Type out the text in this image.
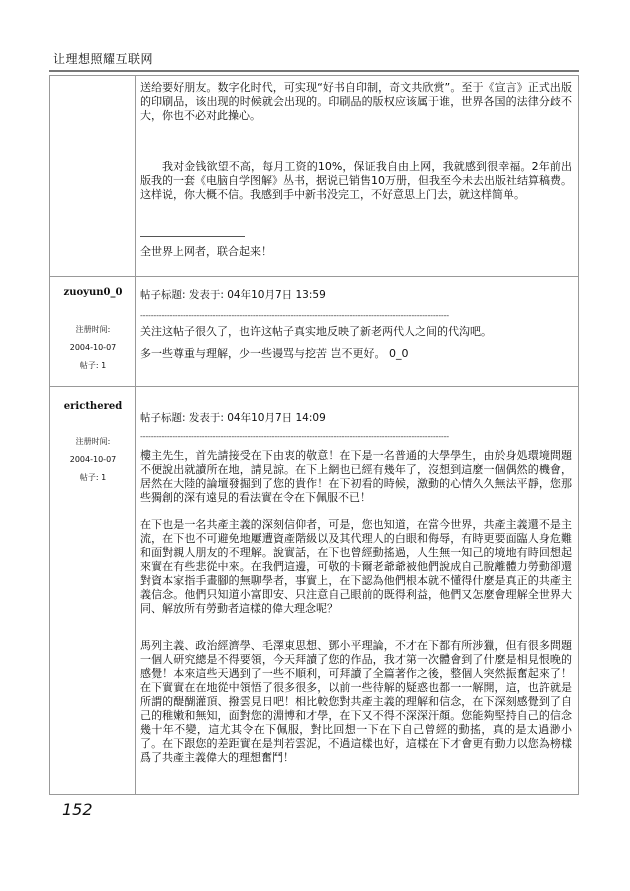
让理想照耀互联网

送给要好朋友。数字化时代，可实现“好书自印制，奇文共欣赏”。至于《宣言》正式出版的印刷品，该出现的时候就会出现的。印刷品的版权应该属于谁，世界各国的法律分歧不大，你也不必对此操心。

我对金钱欲望不高，每月工资的10%，保证我自由上网，我就感到很幸福。2年前出版我的一套《电脑自学图解》丛书，据说已销售10万册，但我至今未去出版社结算稿费。这样说，你大概不信。我感到手中新书没完工，不好意思上门去，就这样简单。

全世界上网者，联合起来！

zuoyun0_0
注册时间:
2004-10-07
帖子: 1
帖子标题: 发表于: 04年10月7日 13:59
-------------------------------------------------------------------------------------------------------------------

关注这帖子很久了，也许这帖子真实地反映了新老两代人之间的代沟吧。

多一些尊重与理解，少一些谩骂与挖苦 岂不更好。 0_0

ericthered
注册时间:
2004-10-07
帖子: 1
帖子标题: 发表于: 04年10月7日 14:09
-------------------------------------------------------------------------------------------------------------------

樓主先生，首先請接受在下由衷的敬意！在下是一名普通的大學學生，由於身処環境問題不便說出就讀所在地，請見諒。在下上網也已經有幾年了，沒想到這麼一個偶然的機會，居然在大陸的論壇發掘到了您的貴作！在下初看的時候，激動的心情久久無法平靜，您那些獨創的深有遠見的看法實在令在下佩服不已！

在下也是一名共產主義的深刻信仰者，可是，您也知道，在當今世界，共產主義還不是主流，在下也不可避免地屢遭資產階級以及其代理人的白眼和侮辱，有時更要面臨人身危難和面對親人朋友的不理解。說實話，在下也曾經動搖過，人生無一知己的境地有時回想起來實在有些悲從中來。在我們這邊，可敬的卡爾老爺爺被他們說成自己脫離體力勞動卻還對資本家指手畫腳的無聊學者，事實上，在下認為他們根本就不懂得什麼是真正的共產主義信念。他們只知道小富即安、只注意自己眼前的既得利益，他們又怎麼會理解全世界大同、解放所有勞動者這樣的偉大理念呢？

馬列主義、政治經濟學、毛澤東思想、鄧小平理論，不才在下都有所涉獵，但有很多問題一個人研究總是不得要領，今天拜讀了您的作品，我才第一次體會到了什麼是相見恨晚的感覺！本來這些天遇到了一些不順利，可拜讀了全篇著作之後，整個人突然振奮起來了！在下實實在在地從中領悟了很多很多，以前一些待解的疑惑也都一一解開，這，也許就是所謂的醍醐灌頂、撥雲見日吧！相比較您對共產主義的理解和信念，在下深刻感覺到了自己的稚嫩和無知，面對您的淵博和才學，在下又不得不深深汗顏。您能夠堅持自己的信念幾十年不變，這尤其令在下佩服，對比回想一下在下自己曾經的動搖，真的是太過渺小了。在下跟您的差距實在是判若雲泥，不過這樣也好，這樣在下才會更有動力以您為榜樣爲了共產主義偉大的理想奮鬥！

152
